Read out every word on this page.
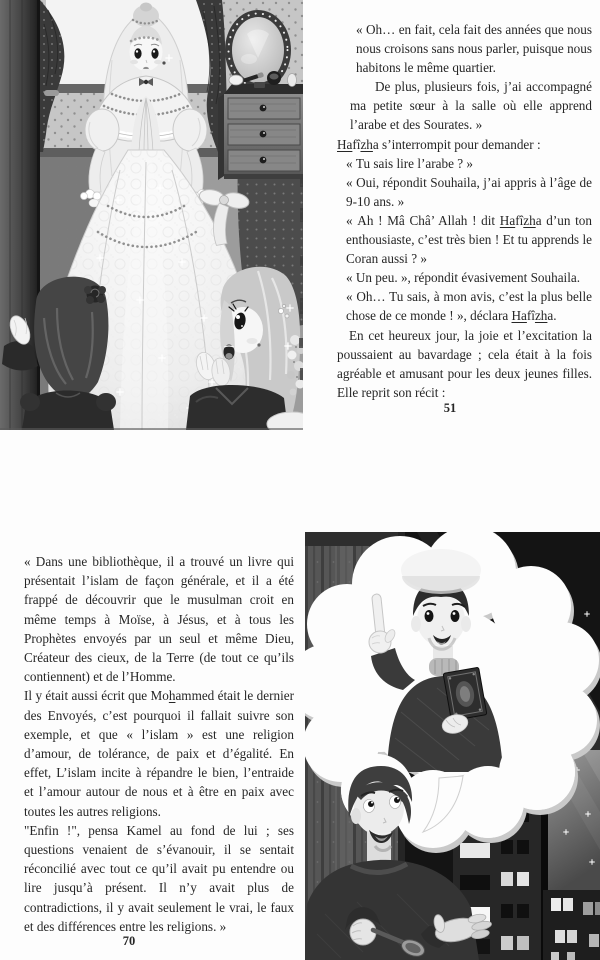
« Oh… en fait, cela fait des années que nous nous croisons sans nous parler, puisque nous habitons le même quartier.

De plus, plusieurs fois, j’ai accompagné ma petite sœur à la salle où elle apprend l’arabe et des Sourates. »

Hafîzha s’interrompit pour demander :

« Tu sais lire l’arabe ? »

« Oui, répondit Souhaila, j’ai appris à l’âge de 9-10 ans. »

« Ah ! Mâ Châ’ Allah ! dit Hafîzha d’un ton enthousiaste, c’est très bien ! Et tu apprends le Coran aussi ? »

« Un peu. », répondit évasivement Souhaila.

« Oh… Tu sais, à mon avis, c’est la plus belle chose de ce monde ! », déclara Hafîzha.

En cet heureux jour, la joie et l’excitation la poussaient au bavardage ; cela était à la fois agréable et amusant pour les deux jeunes filles. Elle reprit son récit :

51

« Dans une bibliothèque, il a trouvé un livre qui présentait l’islam de façon générale, et il a été frappé de découvrir que le musulman croit en même temps à Moïse, à Jésus, et à tous les Prophètes envoyés par un seul et même Dieu, Créateur des cieux, de la Terre (de tout ce qu’ils contiennent) et de l’Homme.

Il y était aussi écrit que Mohammed était le dernier des Envoyés, c’est pourquoi il fallait suivre son exemple, et que « l’islam » est une religion d’amour, de tolérance, de paix et d’égalité. En effet, L’islam incite à répandre le bien, l’entraide et l’amour autour de nous et à être en paix avec toutes les autres religions.

"Enfin !", pensa Kamel au fond de lui ; ses questions venaient de s’évanouir, il se sentait réconcilié avec tout ce qu’il avait pu entendre ou lire jusqu’à présent. Il n’y avait plus de contradictions, il y avait seulement le vrai, le faux et des différences entre les religions. »

70
